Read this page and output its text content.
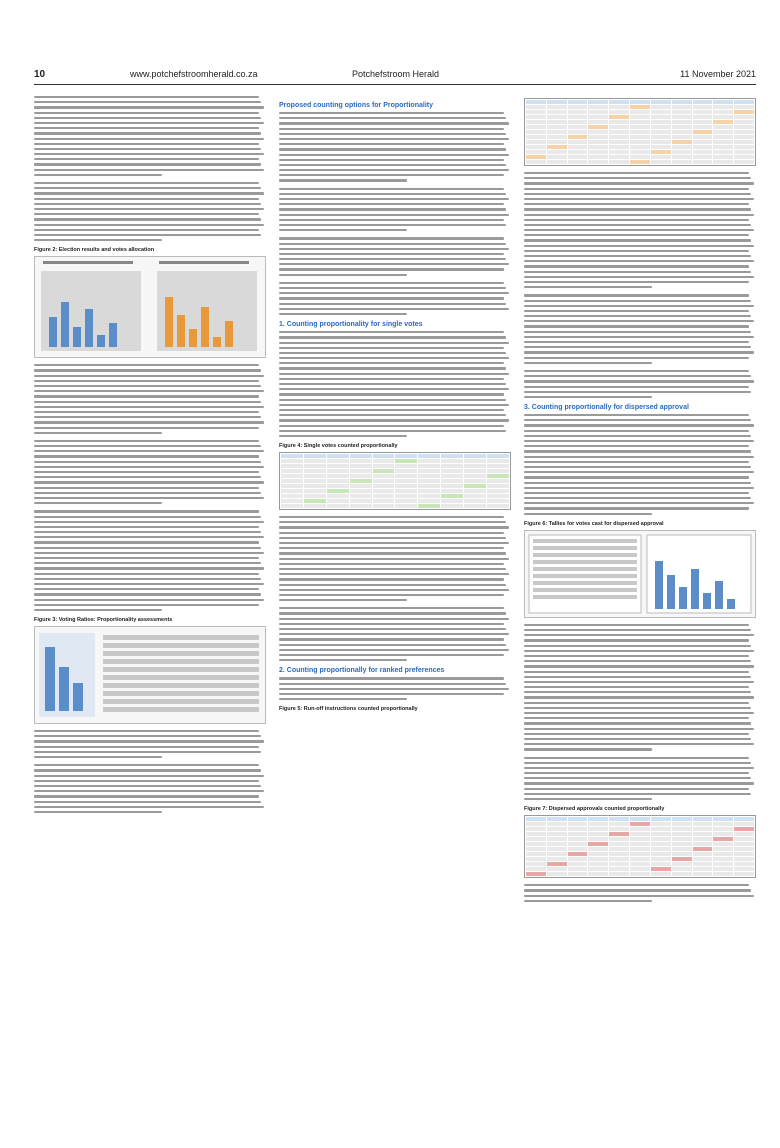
10	www.potchefstroomherald.co.za	Potchefstroom Herald	11 November 2021
Figure 2: Election results and votes allocation
Figure 3: Voting Ratios: Proportionality assessments
Proposed counting options for Proportionality
1. Counting proportionality for single votes
Figure 4: Single votes counted proportionally
2. Counting proportionally for ranked preferences
Figure 5: Run-off instructions counted proportionally
3. Counting proportionally for dispersed approval
Figure 6: Tallies for votes cast for dispersed approval
Figure 7: Dispersed approvals counted proportionally
